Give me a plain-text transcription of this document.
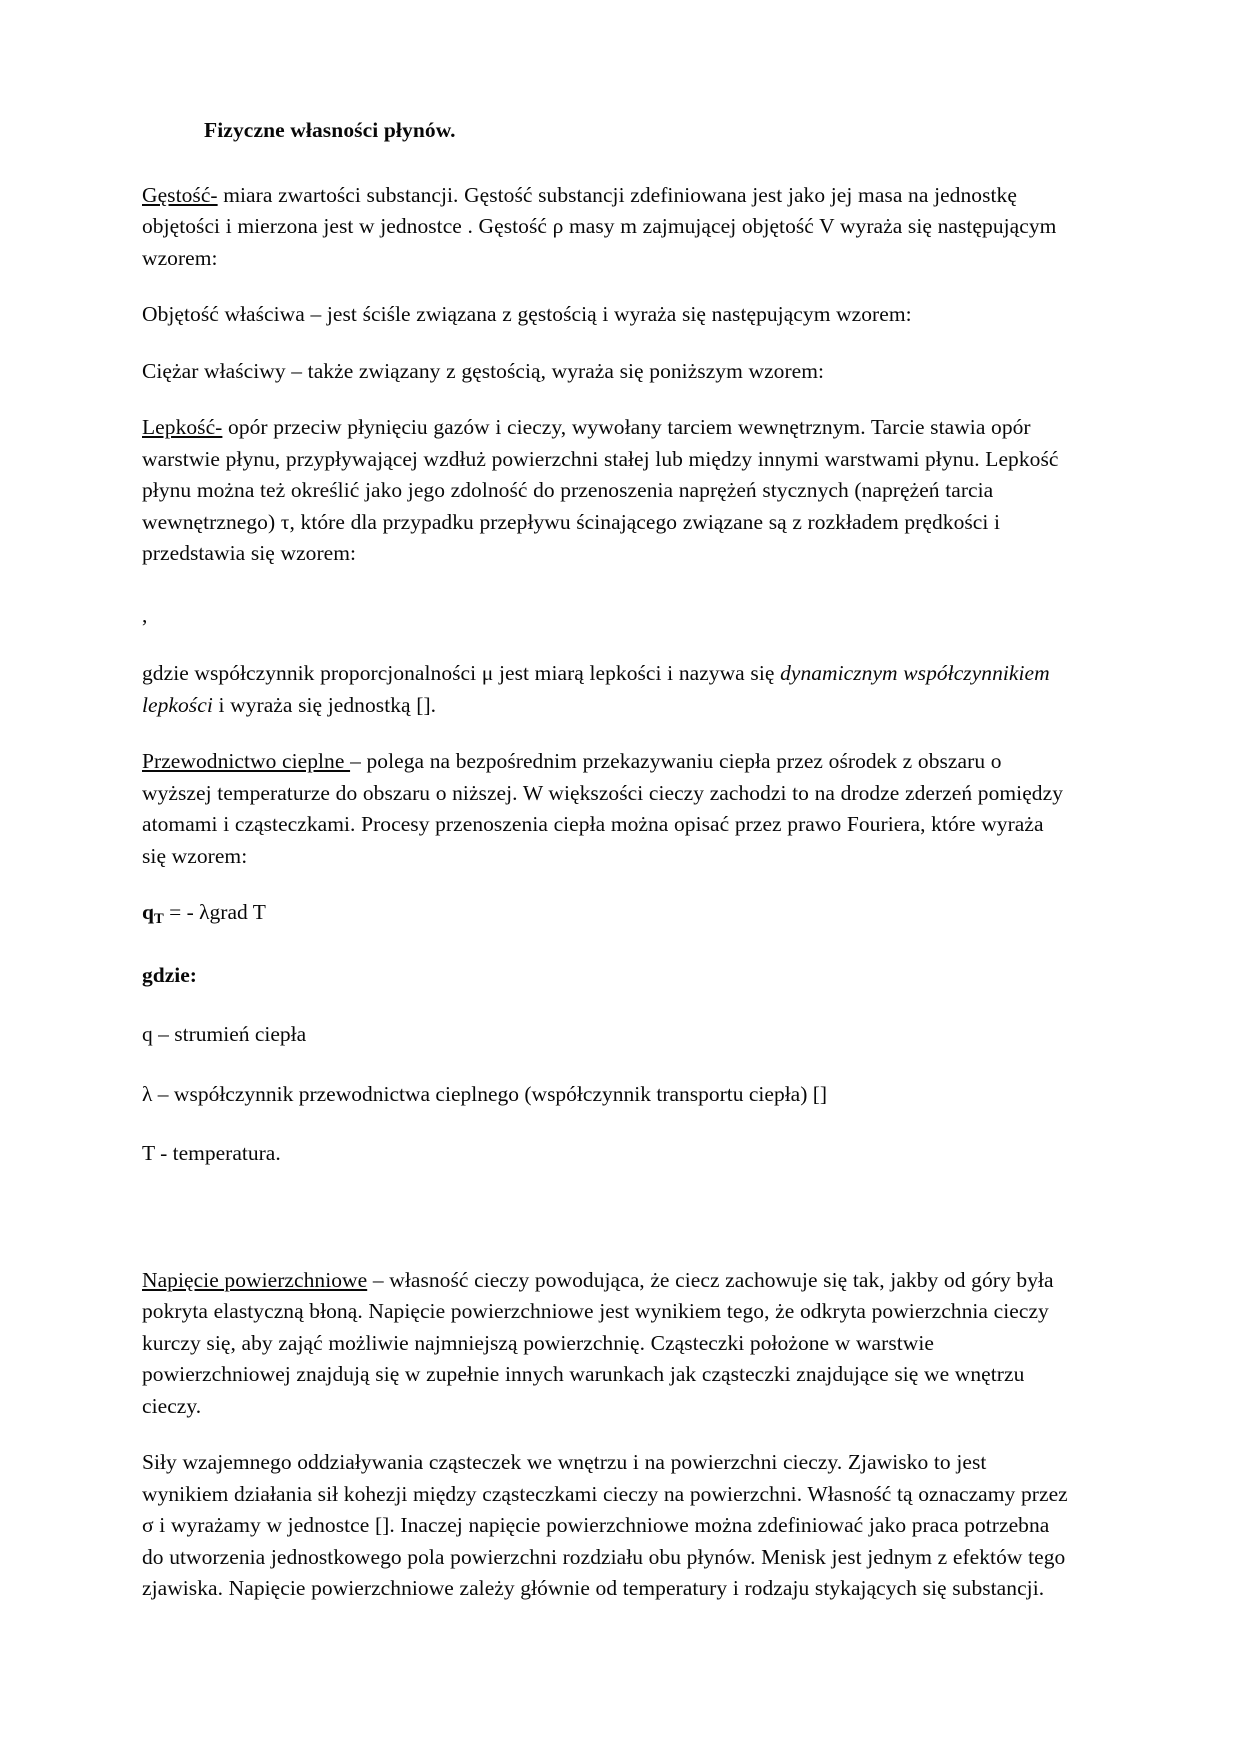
Fizyczne własności płynów.

Gęstość- miara zwartości substancji. Gęstość substancji zdefiniowana jest jako jej masa na jednostkę objętości i mierzona jest w jednostce . Gęstość ρ masy m zajmującej objętość V wyraża się następującym wzorem:

Objętość właściwa – jest ściśle związana z gęstością i wyraża się następującym wzorem:

Ciężar właściwy – także związany z gęstością, wyraża się poniższym wzorem:

Lepkość- opór przeciw płynięciu gazów i cieczy, wywołany tarciem wewnętrznym. Tarcie stawia opór warstwie płynu, przypływającej wzdłuż powierzchni stałej lub między innymi warstwami płynu. Lepkość płynu można też określić jako jego zdolność do przenoszenia naprężeń stycznych (naprężeń tarcia wewnętrznego) τ, które dla przypadku przepływu ścinającego związane są z rozkładem prędkości i przedstawia się wzorem:

,

gdzie współczynnik proporcjonalności μ jest miarą lepkości i nazywa się dynamicznym współczynnikiem lepkości i wyraża się jednostką [].

Przewodnictwo cieplne – polega na bezpośrednim przekazywaniu ciepła przez ośrodek z obszaru o wyższej temperaturze do obszaru o niższej. W większości cieczy zachodzi to na drodze zderzeń pomiędzy atomami i cząsteczkami. Procesy przenoszenia ciepła można opisać przez prawo Fouriera, które wyraża się wzorem:

$q_T$ = - λgrad T

gdzie:

q – strumień ciepła

λ – współczynnik przewodnictwa cieplnego (współczynnik transportu ciepła) []

T - temperatura.

Napięcie powierzchniowe – własność cieczy powodująca, że ciecz zachowuje się tak, jakby od góry była pokryta elastyczną błoną. Napięcie powierzchniowe jest wynikiem tego, że odkryta powierzchnia cieczy kurczy się, aby zająć możliwie najmniejszą powierzchnię. Cząsteczki położone w warstwie powierzchniowej znajdują się w zupełnie innych warunkach jak cząsteczki znajdujące się we wnętrzu cieczy.

Siły wzajemnego oddziaływania cząsteczek we wnętrzu i na powierzchni cieczy. Zjawisko to jest wynikiem działania sił kohezji między cząsteczkami cieczy na powierzchni. Własność tą oznaczamy przez σ i wyrażamy w jednostce []. Inaczej napięcie powierzchniowe można zdefiniować jako praca potrzebna do utworzenia jednostkowego pola powierzchni rozdziału obu płynów. Menisk jest jednym z efektów tego zjawiska. Napięcie powierzchniowe zależy głównie od temperatury i rodzaju stykających się substancji.
